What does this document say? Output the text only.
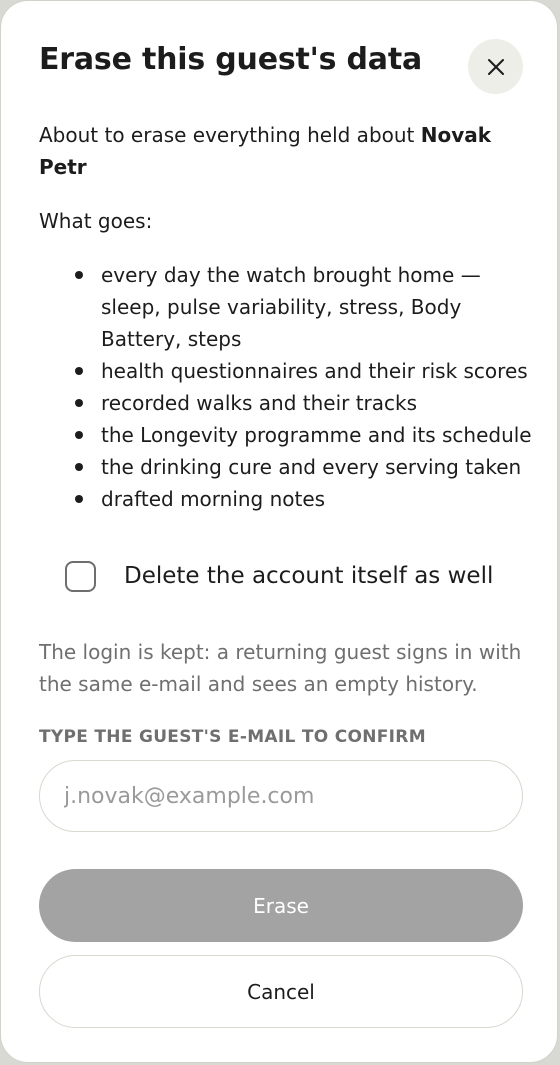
Erase this guest's data

About to erase everything held about Novak Petr

What goes:

every day the watch brought home — sleep, pulse variability, stress, Body Battery, steps
health questionnaires and their risk scores
recorded walks and their tracks
the Longevity programme and its schedule
the drinking cure and every serving taken
drafted morning notes
Delete the account itself as well

The login is kept: a returning guest signs in with the same e-mail and sees an empty history.

TYPE THE GUEST'S E-MAIL TO CONFIRM

j.novak@example.com
Erase
Cancel
